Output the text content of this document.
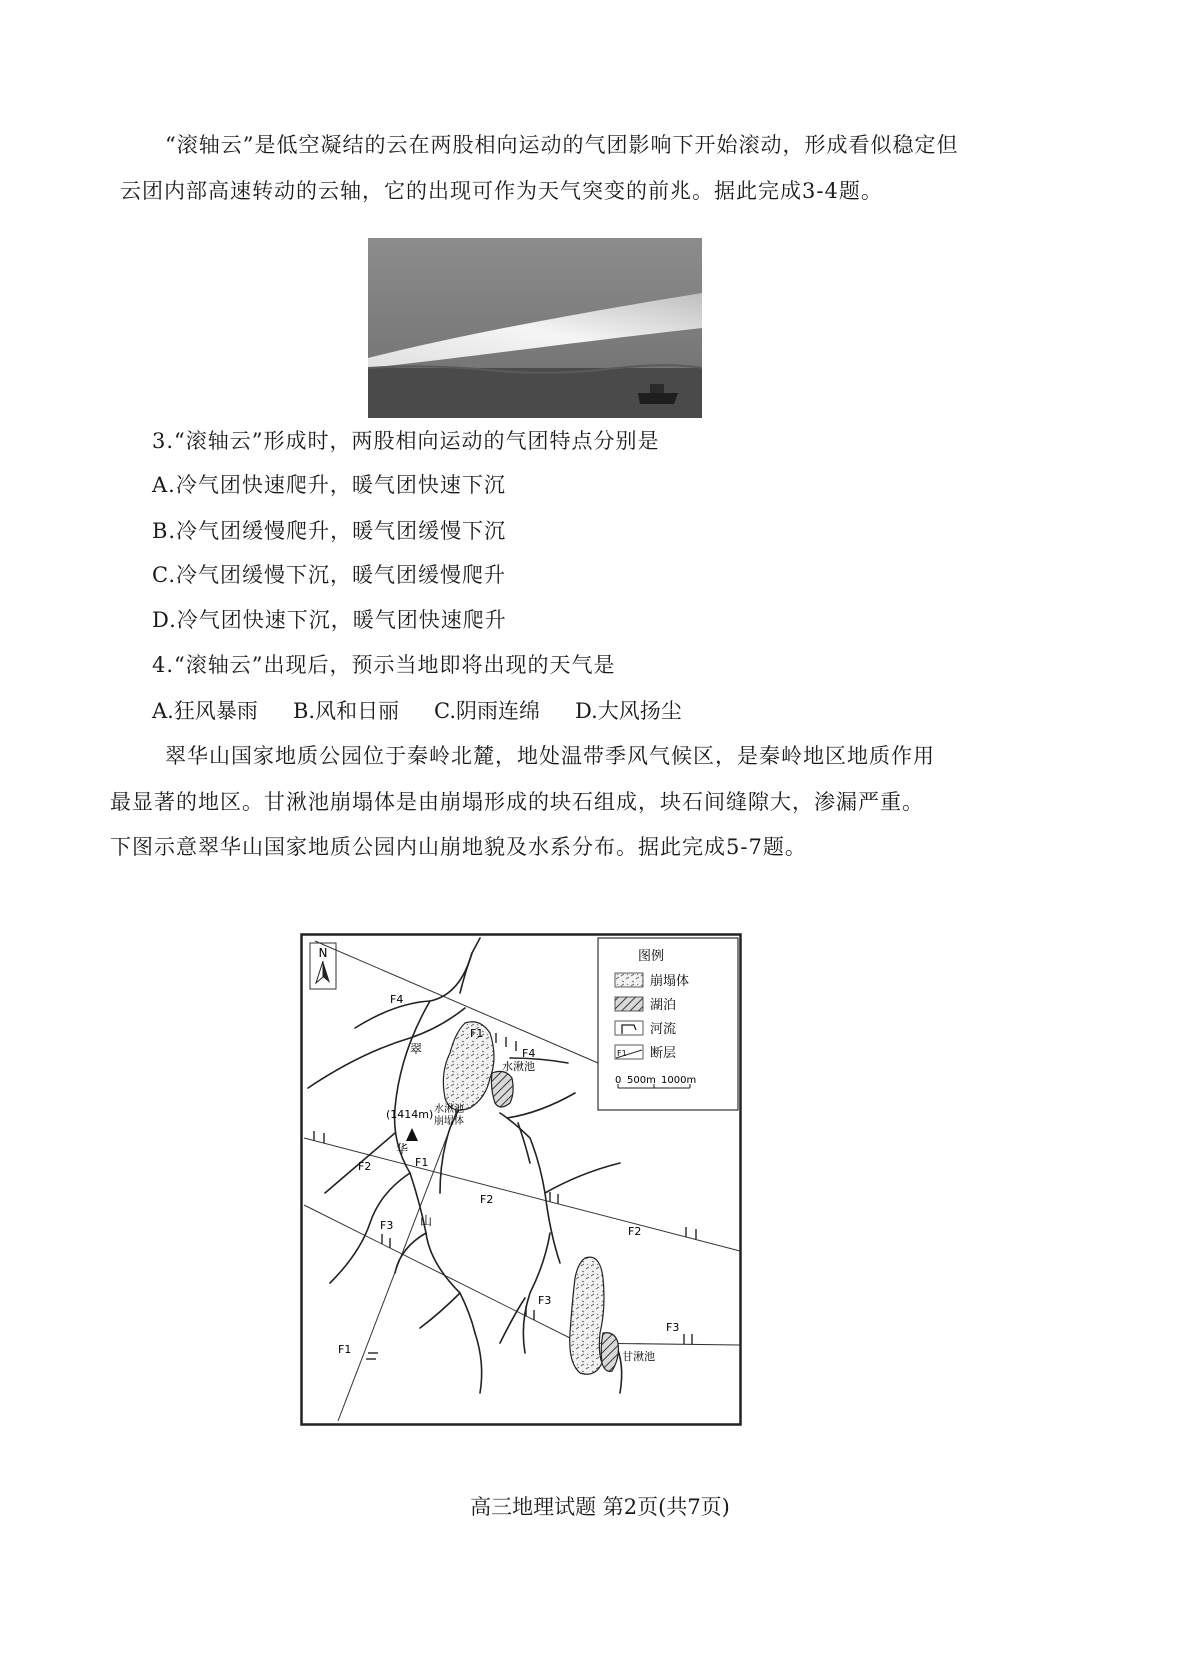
“滚轴云”是低空凝结的云在两股相向运动的气团影响下开始滚动，形成看似稳定但
云团内部高速转动的云轴，它的出现可作为天气突变的前兆。据此完成3-4题。
3.“滚轴云”形成时，两股相向运动的气团特点分别是
A.冷气团快速爬升，暖气团快速下沉
B.冷气团缓慢爬升，暖气团缓慢下沉
C.冷气团缓慢下沉，暖气团缓慢爬升
D.冷气团快速下沉，暖气团快速爬升
4.“滚轴云”出现后，预示当地即将出现的天气是
A.狂风暴雨 B.风和日丽 C.阴雨连绵 D.大风扬尘
翠华山国家地质公园位于秦岭北麓，地处温带季风气候区，是秦岭地区地质作用
最显著的地区。甘湫池崩塌体是由崩塌形成的块石组成，块石间缝隙大，渗漏严重。
下图示意翠华山国家地质公园内山崩地貌及水系分布。据此完成5-7题。
N	图例
崩塌体
湖泊
河流
F1 断层
0 500m 1000m
(1414m)
F4
F4
F1
F1
F1
F2
F2
F2
F3
F3
F3
翠
华
山
水湫池
崩塌体
水湫池
甘湫池
高三地理试题 第2页(共7页)
